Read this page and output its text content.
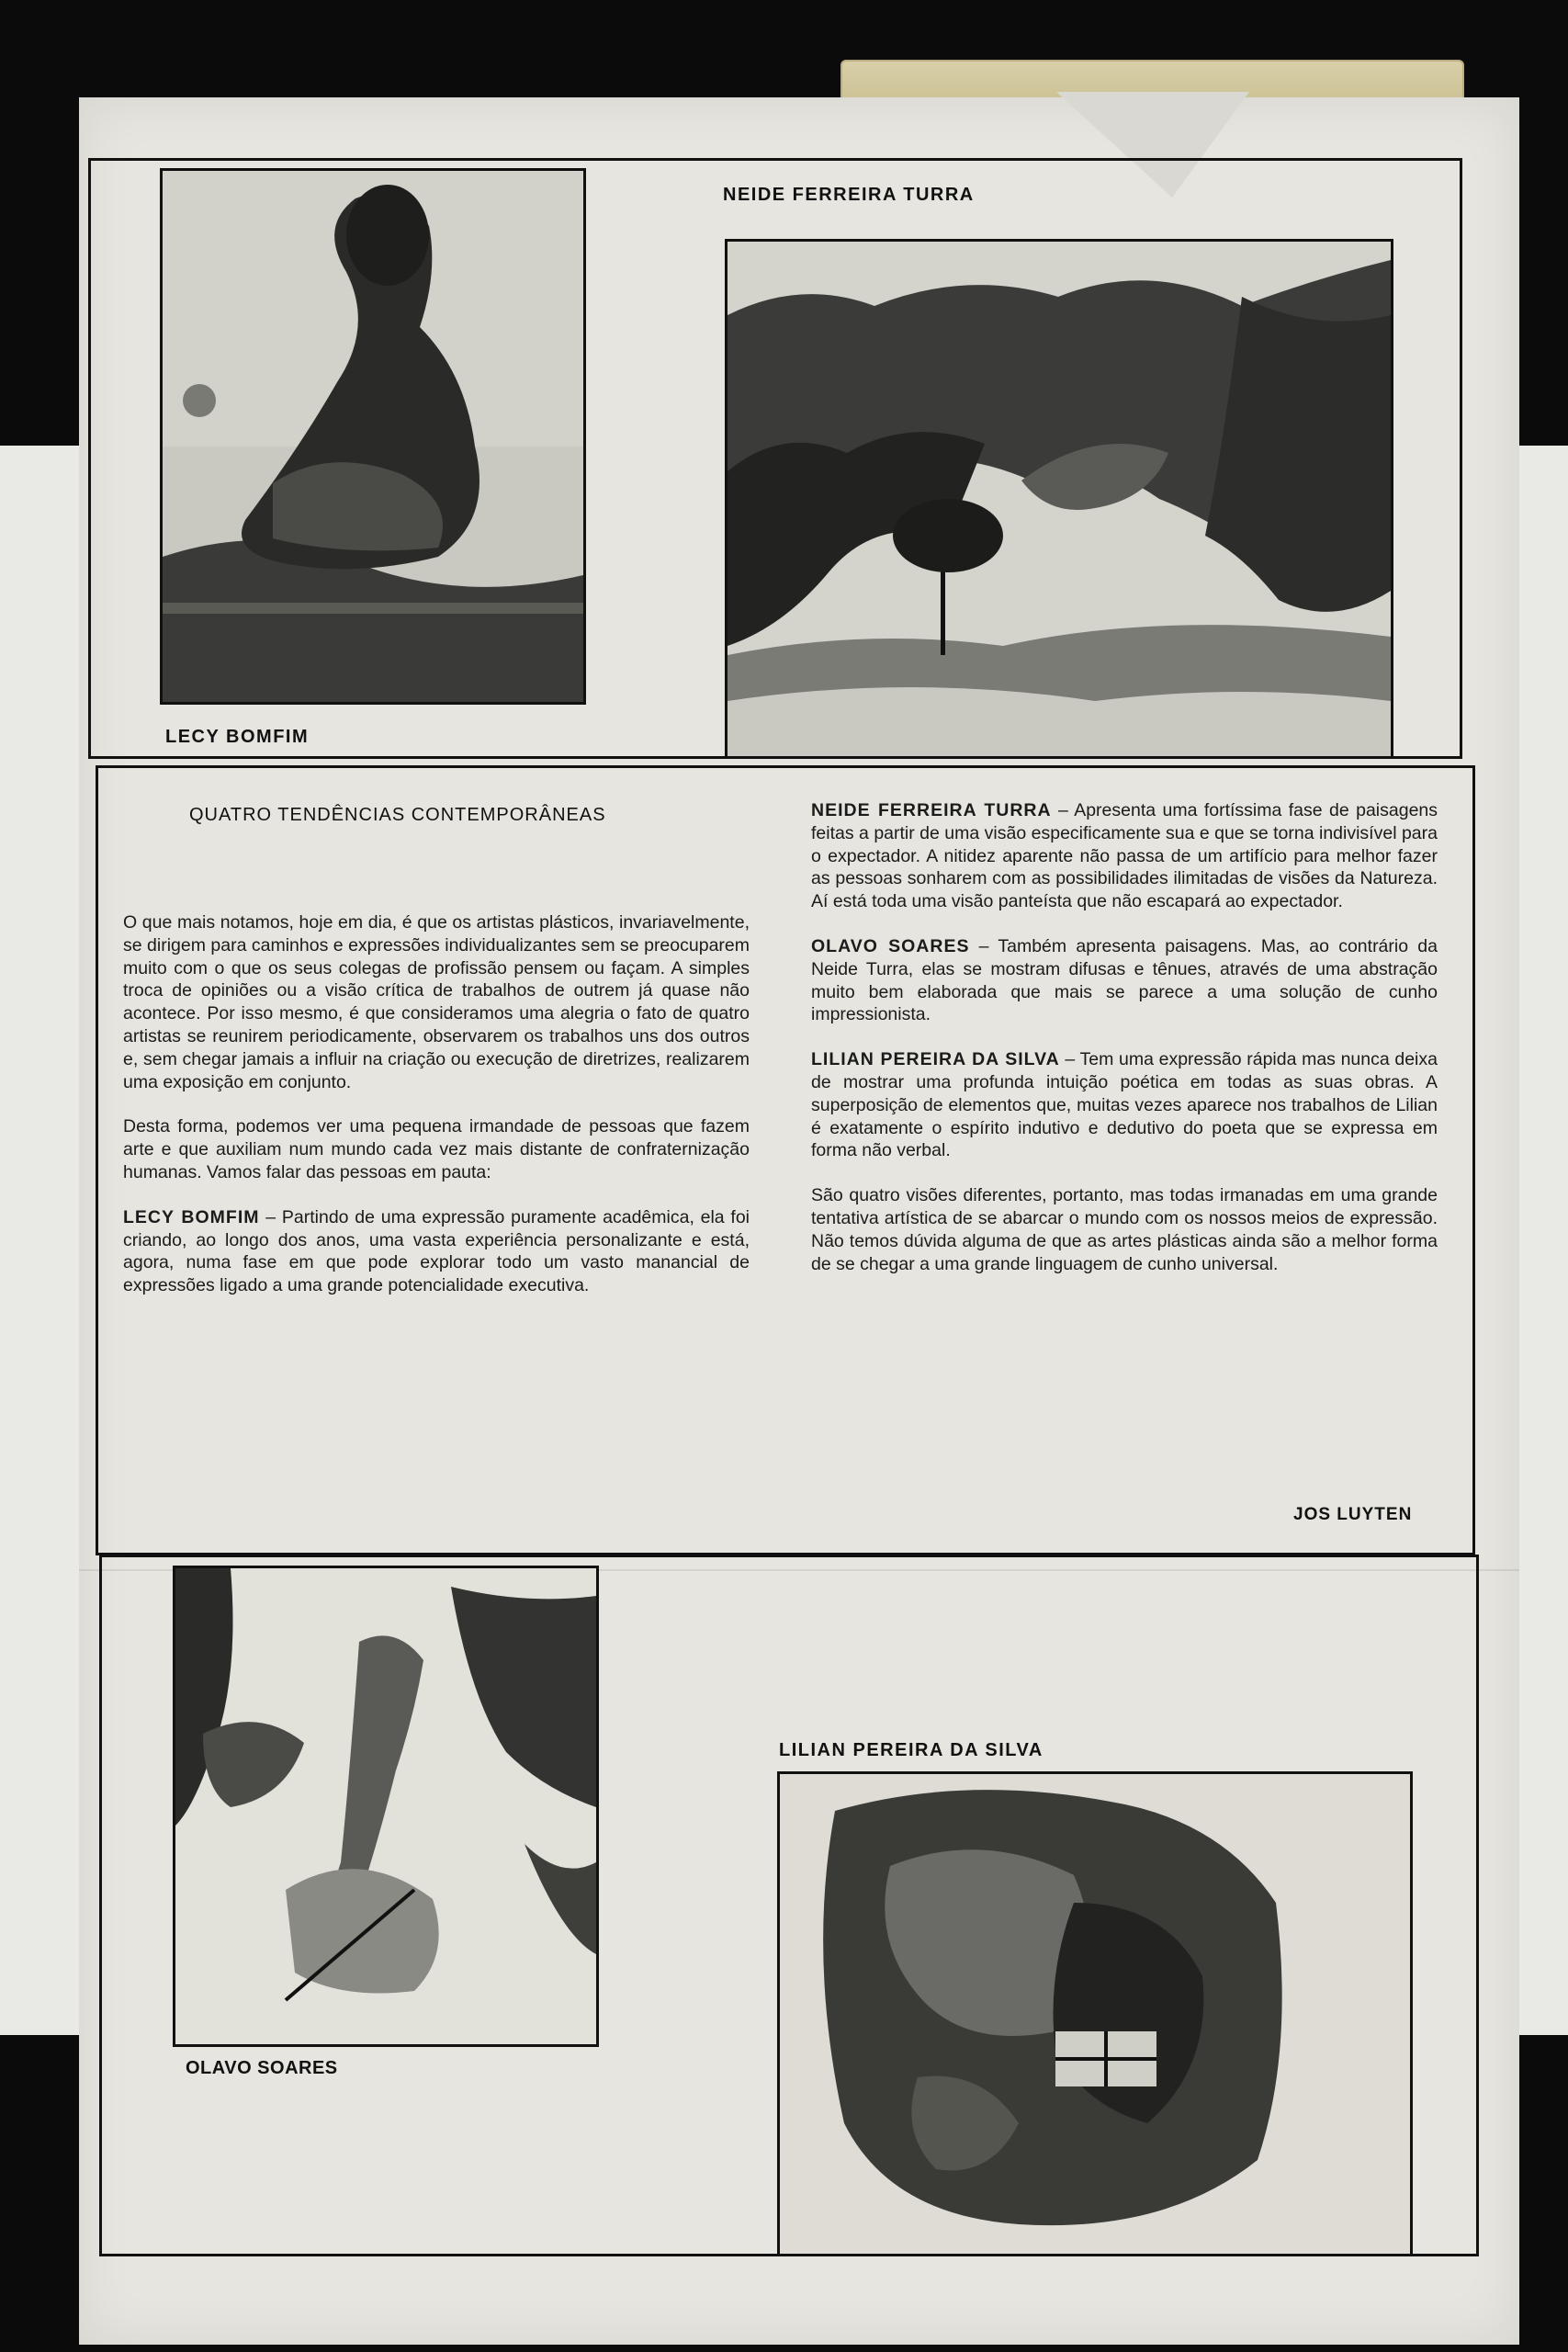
LECY BOMFIM
NEIDE FERREIRA TURRA
QUATRO TENDÊNCIAS CONTEMPORÂNEAS

O que mais notamos, hoje em dia, é que os artistas plásticos, invariavelmente, se dirigem para caminhos e expressões individualizantes sem se preocuparem muito com o que os seus colegas de profissão pensem ou façam. A simples troca de opiniões ou a visão crítica de trabalhos de outrem já quase não acontece. Por isso mesmo, é que consideramos uma alegria o fato de quatro artistas se reunirem periodicamente, observarem os trabalhos uns dos outros e, sem chegar jamais a influir na criação ou execução de diretrizes, realizarem uma exposição em conjunto.

Desta forma, podemos ver uma pequena irmandade de pessoas que fazem arte e que auxiliam num mundo cada vez mais distante de confraternização humanas. Vamos falar das pessoas em pauta:

LECY BOMFIM – Partindo de uma expressão puramente acadêmica, ela foi criando, ao longo dos anos, uma vasta experiência personalizante e está, agora, numa fase em que pode explorar todo um vasto manancial de expressões ligado a uma grande potencialidade executiva.

NEIDE FERREIRA TURRA – Apresenta uma fortíssima fase de paisagens feitas a partir de uma visão especificamente sua e que se torna indivisível para o expectador. A nitidez aparente não passa de um artifício para melhor fazer as pessoas sonharem com as possibilidades ilimitadas de visões da Natureza. Aí está toda uma visão panteísta que não escapará ao expectador.

OLAVO SOARES – Também apresenta paisagens. Mas, ao contrário da Neide Turra, elas se mostram difusas e tênues, através de uma abstração muito bem elaborada que mais se parece a uma solução de cunho impressionista.

LILIAN PEREIRA DA SILVA – Tem uma expressão rápida mas nunca deixa de mostrar uma profunda intuição poética em todas as suas obras. A superposição de elementos que, muitas vezes aparece nos trabalhos de Lilian é exatamente o espírito indutivo e dedutivo do poeta que se expressa em forma não verbal.

São quatro visões diferentes, portanto, mas todas irmanadas em uma grande tentativa artística de se abarcar o mundo com os nossos meios de expressão. Não temos dúvida alguma de que as artes plásticas ainda são a melhor forma de se chegar a uma grande linguagem de cunho universal.

JOS LUYTEN
OLAVO SOARES
LILIAN PEREIRA DA SILVA
